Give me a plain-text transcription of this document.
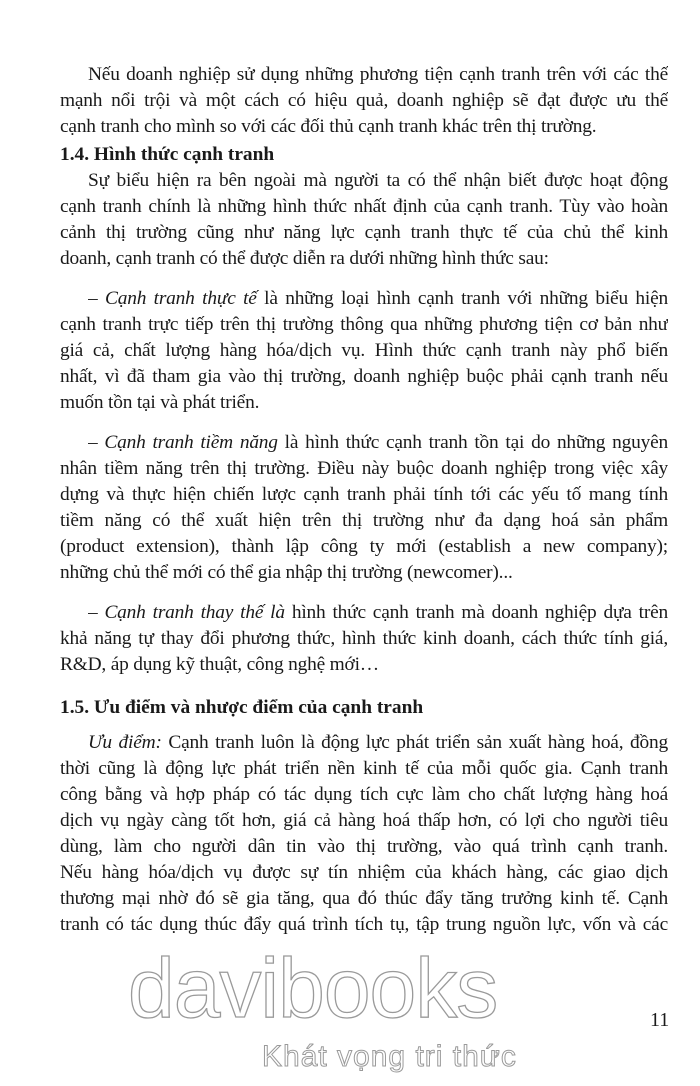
Nếu doanh nghiệp sử dụng những phương tiện cạnh tranh trên với các thế
mạnh nổi trội và một cách có hiệu quả, doanh nghiệp sẽ đạt được ưu thế
cạnh tranh cho mình so với các đối thủ cạnh tranh khác trên thị trường.
1.4. Hình thức cạnh tranh
Sự biểu hiện ra bên ngoài mà người ta có thể nhận biết được hoạt động
cạnh tranh chính là những hình thức nhất định của cạnh tranh. Tùy vào hoàn
cảnh thị trường cũng như năng lực cạnh tranh thực tế của chủ thể kinh
doanh, cạnh tranh có thể được diễn ra dưới những hình thức sau:
– Cạnh tranh thực tế là những loại hình cạnh tranh với những biểu hiện
cạnh tranh trực tiếp trên thị trường thông qua những phương tiện cơ bản như
giá cả, chất lượng hàng hóa/dịch vụ. Hình thức cạnh tranh này phổ biến
nhất, vì đã tham gia vào thị trường, doanh nghiệp buộc phải cạnh tranh nếu
muốn tồn tại và phát triển.
– Cạnh tranh tiềm năng là hình thức cạnh tranh tồn tại do những nguyên
nhân tiềm năng trên thị trường. Điều này buộc doanh nghiệp trong việc xây
dựng và thực hiện chiến lược cạnh tranh phải tính tới các yếu tố mang tính
tiềm năng có thể xuất hiện trên thị trường như đa dạng hoá sản phẩm
(product extension), thành lập công ty mới (establish a new company);
những chủ thể mới có thể gia nhập thị trường (newcomer)...
– Cạnh tranh thay thế là hình thức cạnh tranh mà doanh nghiệp dựa trên
khả năng tự thay đổi phương thức, hình thức kinh doanh, cách thức tính giá,
R&D, áp dụng kỹ thuật, công nghệ mới…
1.5. Ưu điểm và nhược điểm của cạnh tranh
Ưu điểm: Cạnh tranh luôn là động lực phát triển sản xuất hàng hoá, đồng
thời cũng là động lực phát triển nền kinh tế của mỗi quốc gia. Cạnh tranh
công bằng và hợp pháp có tác dụng tích cực làm cho chất lượng hàng hoá
dịch vụ ngày càng tốt hơn, giá cả hàng hoá thấp hơn, có lợi cho người tiêu
dùng, làm cho người dân tin vào thị trường, vào quá trình cạnh tranh.
Nếu hàng hóa/dịch vụ được sự tín nhiệm của khách hàng, các giao dịch
thương mại nhờ đó sẽ gia tăng, qua đó thúc đẩy tăng trưởng kinh tế. Cạnh
tranh có tác dụng thúc đẩy quá trình tích tụ, tập trung nguồn lực, vốn và các
11
davibooks
Khát vọng tri thức
